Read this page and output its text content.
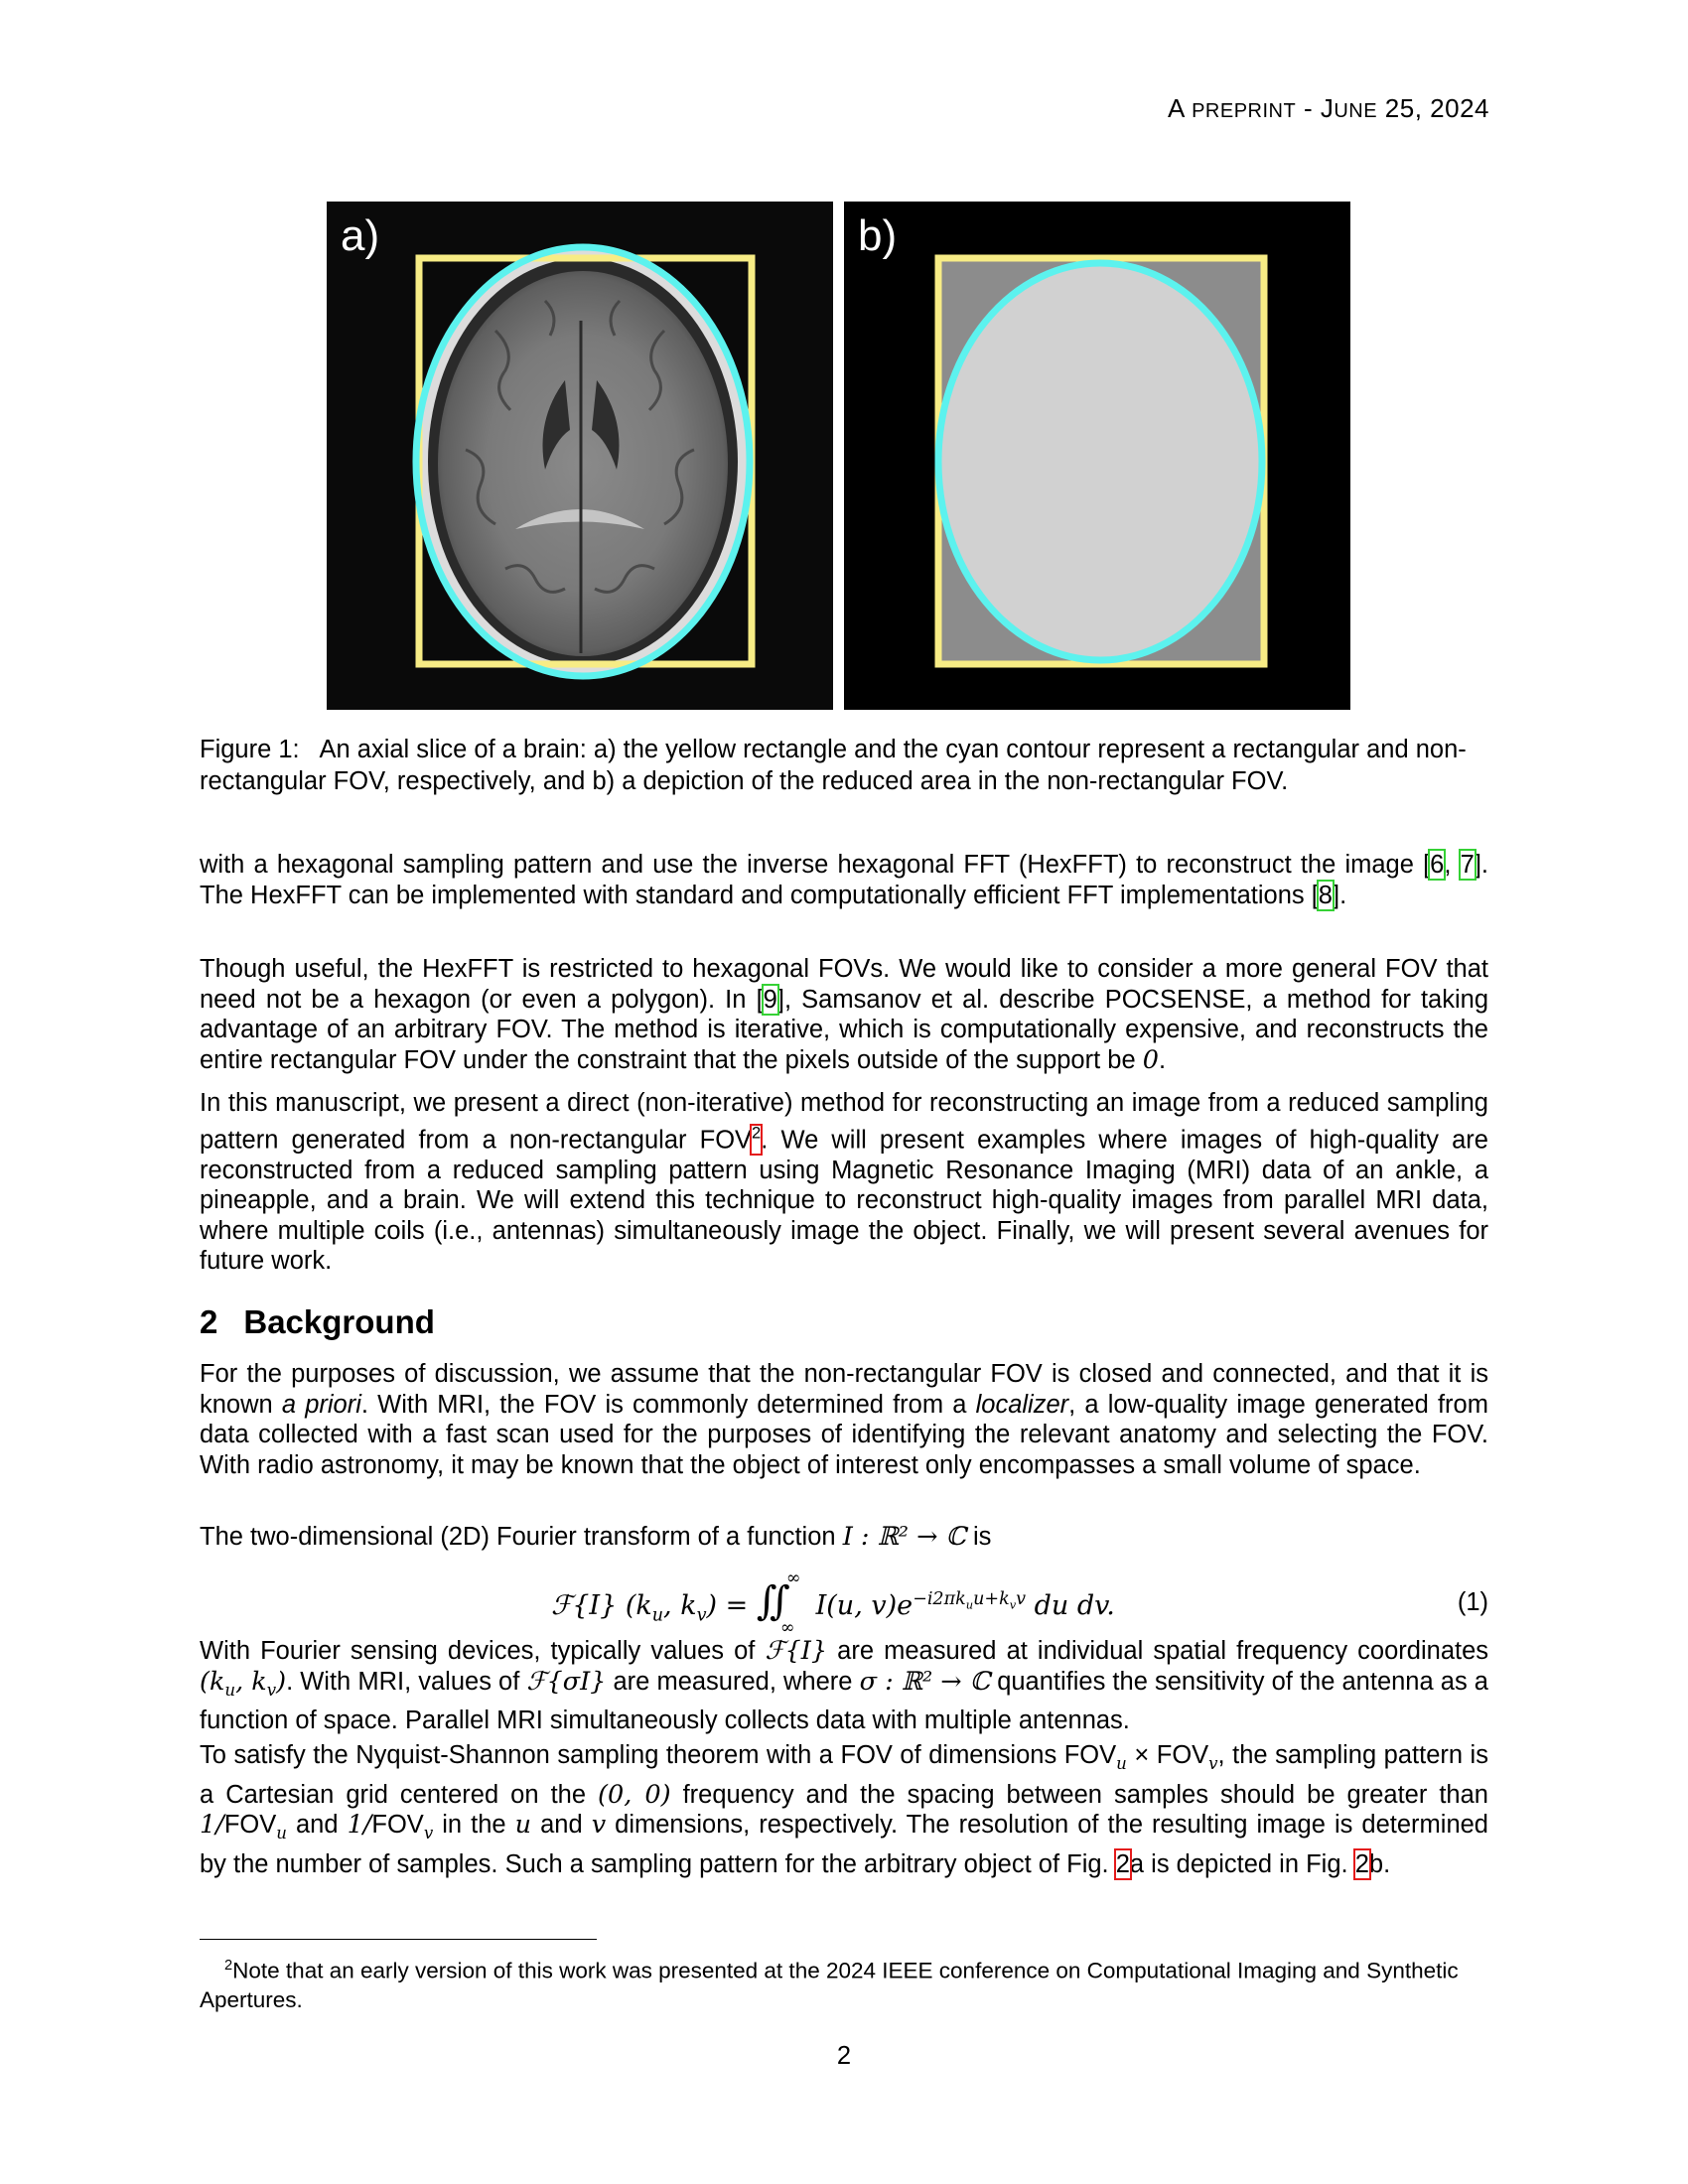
A PREPRINT - JUNE 25, 2024
a)	b)
Figure 1: An axial slice of a brain: a) the yellow rectangle and the cyan contour represent a rectangular and non-rectangular FOV, respectively, and b) a depiction of the reduced area in the non-rectangular FOV.
with a hexagonal sampling pattern and use the inverse hexagonal FFT (HexFFT) to reconstruct the image [6, 7]. The HexFFT can be implemented with standard and computationally efficient FFT implementations [8].
Though useful, the HexFFT is restricted to hexagonal FOVs. We would like to consider a more general FOV that need not be a hexagon (or even a polygon). In [9], Samsanov et al. describe POCSENSE, a method for taking advantage of an arbitrary FOV. The method is iterative, which is computationally expensive, and reconstructs the entire rectangular FOV under the constraint that the pixels outside of the support be 0.
In this manuscript, we present a direct (non-iterative) method for reconstructing an image from a reduced sampling pattern generated from a non-rectangular FOV$^2$. We will present examples where images of high-quality are reconstructed from a reduced sampling pattern using Magnetic Resonance Imaging (MRI) data of an ankle, a pineapple, and a brain. We will extend this technique to reconstruct high-quality images from parallel MRI data, where multiple coils (i.e., antennas) simultaneously image the object. Finally, we will present several avenues for future work.
2 Background
For the purposes of discussion, we assume that the non-rectangular FOV is closed and connected, and that it is known a priori. With MRI, the FOV is commonly determined from a localizer, a low-quality image generated from data collected with a fast scan used for the purposes of identifying the relevant anatomy and selecting the FOV. With radio astronomy, it may be known that the object of interest only encompasses a small volume of space.
The two-dimensional (2D) Fourier transform of a function I : ℝ² → ℂ is
ℱ{I} ($k_u$, $k_v$) = ∬
∞
∞
I(u, $v)e^{-i2\pi k_uu+k_vv}$ du dv.	(1)
With Fourier sensing devices, typically values of ℱ{I} are measured at individual spatial frequency coordinates ($k_u$, $k_v$). With MRI, values of ℱ{σI} are measured, where σ : ℝ² → ℂ quantifies the sensitivity of the antenna as a function of space. Parallel MRI simultaneously collects data with multiple antennas.
To satisfy the Nyquist-Shannon sampling theorem with a FOV of dimensions $FOV_u \times FOV_v$, the sampling pattern is a Cartesian grid centered on the (0, 0) frequency and the spacing between samples should be greater than $1/FOV_u$ and $1/FOV_v$ in the u and v dimensions, respectively. The resolution of the resulting image is determined by the number of samples. Such a sampling pattern for the arbitrary object of Fig. 2a is depicted in Fig. 2b.
$^2$Note that an early version of this work was presented at the 2024 IEEE conference on Computational Imaging and Synthetic Apertures.
2
